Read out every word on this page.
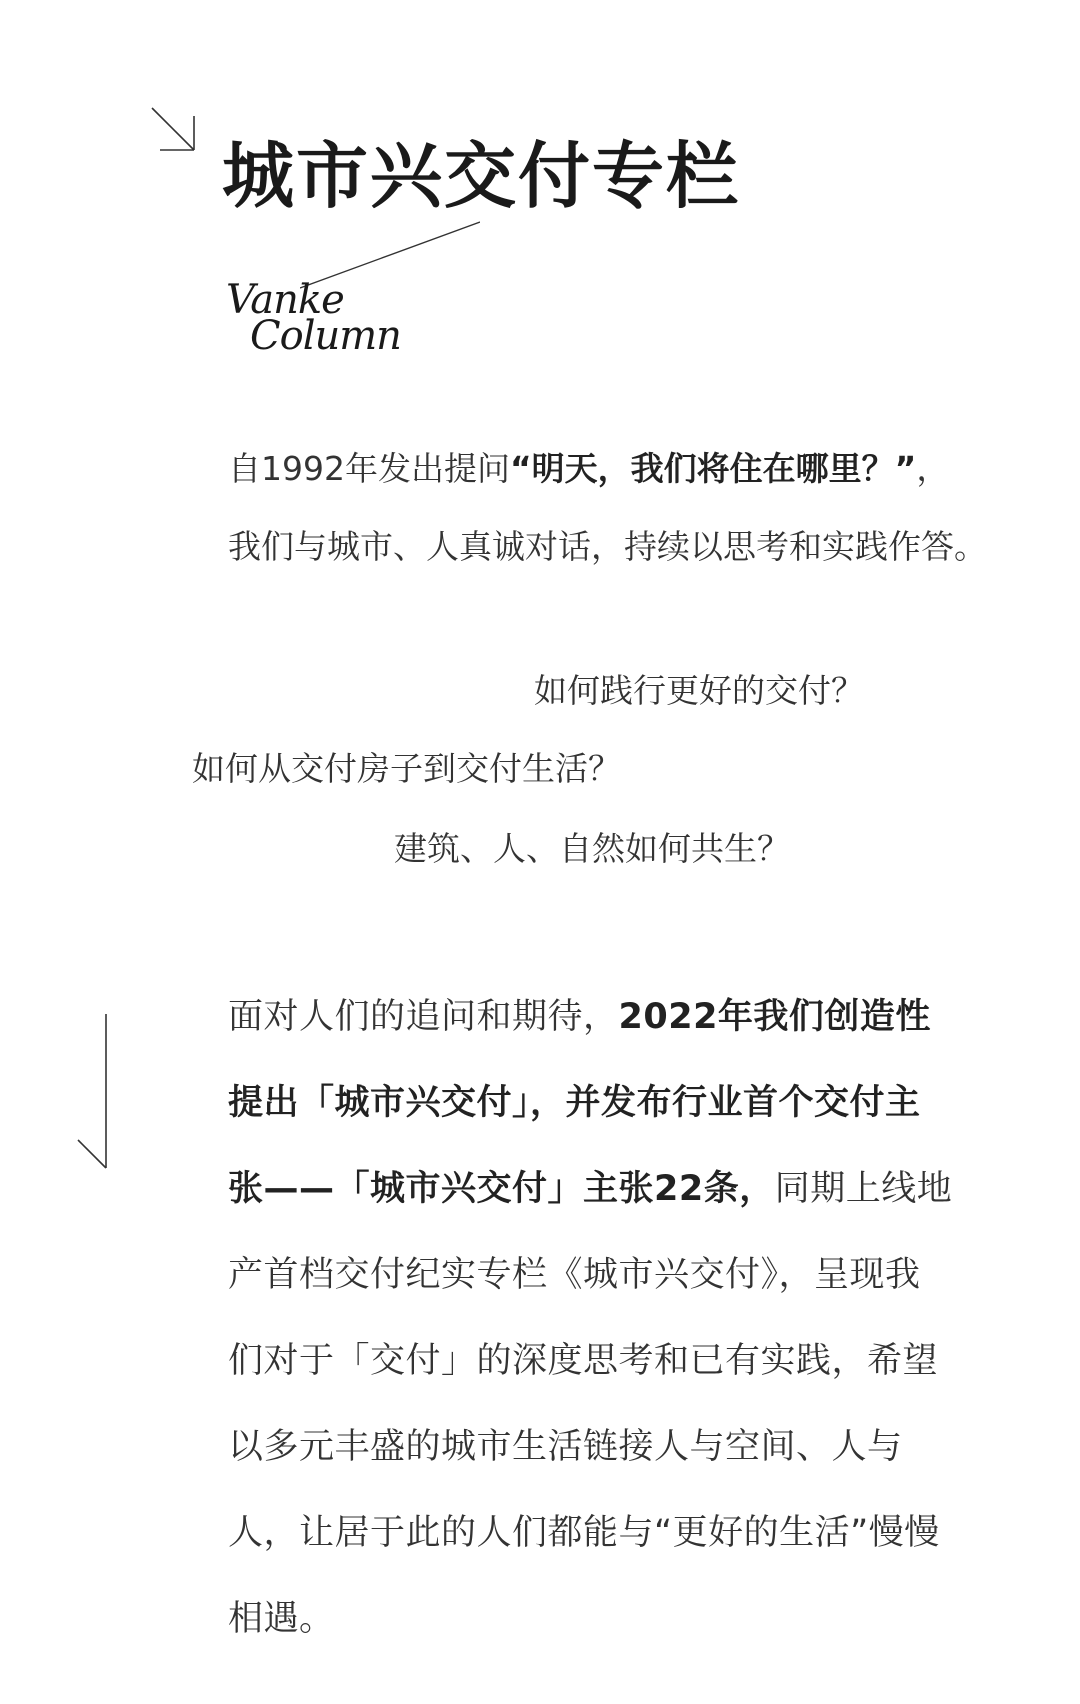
城市兴交付专栏
Vanke
Column
自1992年发出提问“明天，我们将住在哪里？”，
我们与城市、人真诚对话，持续以思考和实践作答。
如何践行更好的交付？
如何从交付房子到交付生活？
建筑、人、自然如何共生？
面对人们的追问和期待，2022年我们创造性
提出「城市兴交付」，并发布行业首个交付主
张——「城市兴交付」主张22条，同期上线地
产首档交付纪实专栏《城市兴交付》，呈现我
们对于「交付」的深度思考和已有实践，希望
以多元丰盛的城市生活链接人与空间、人与
人，让居于此的人们都能与“更好的生活”慢慢
相遇。
